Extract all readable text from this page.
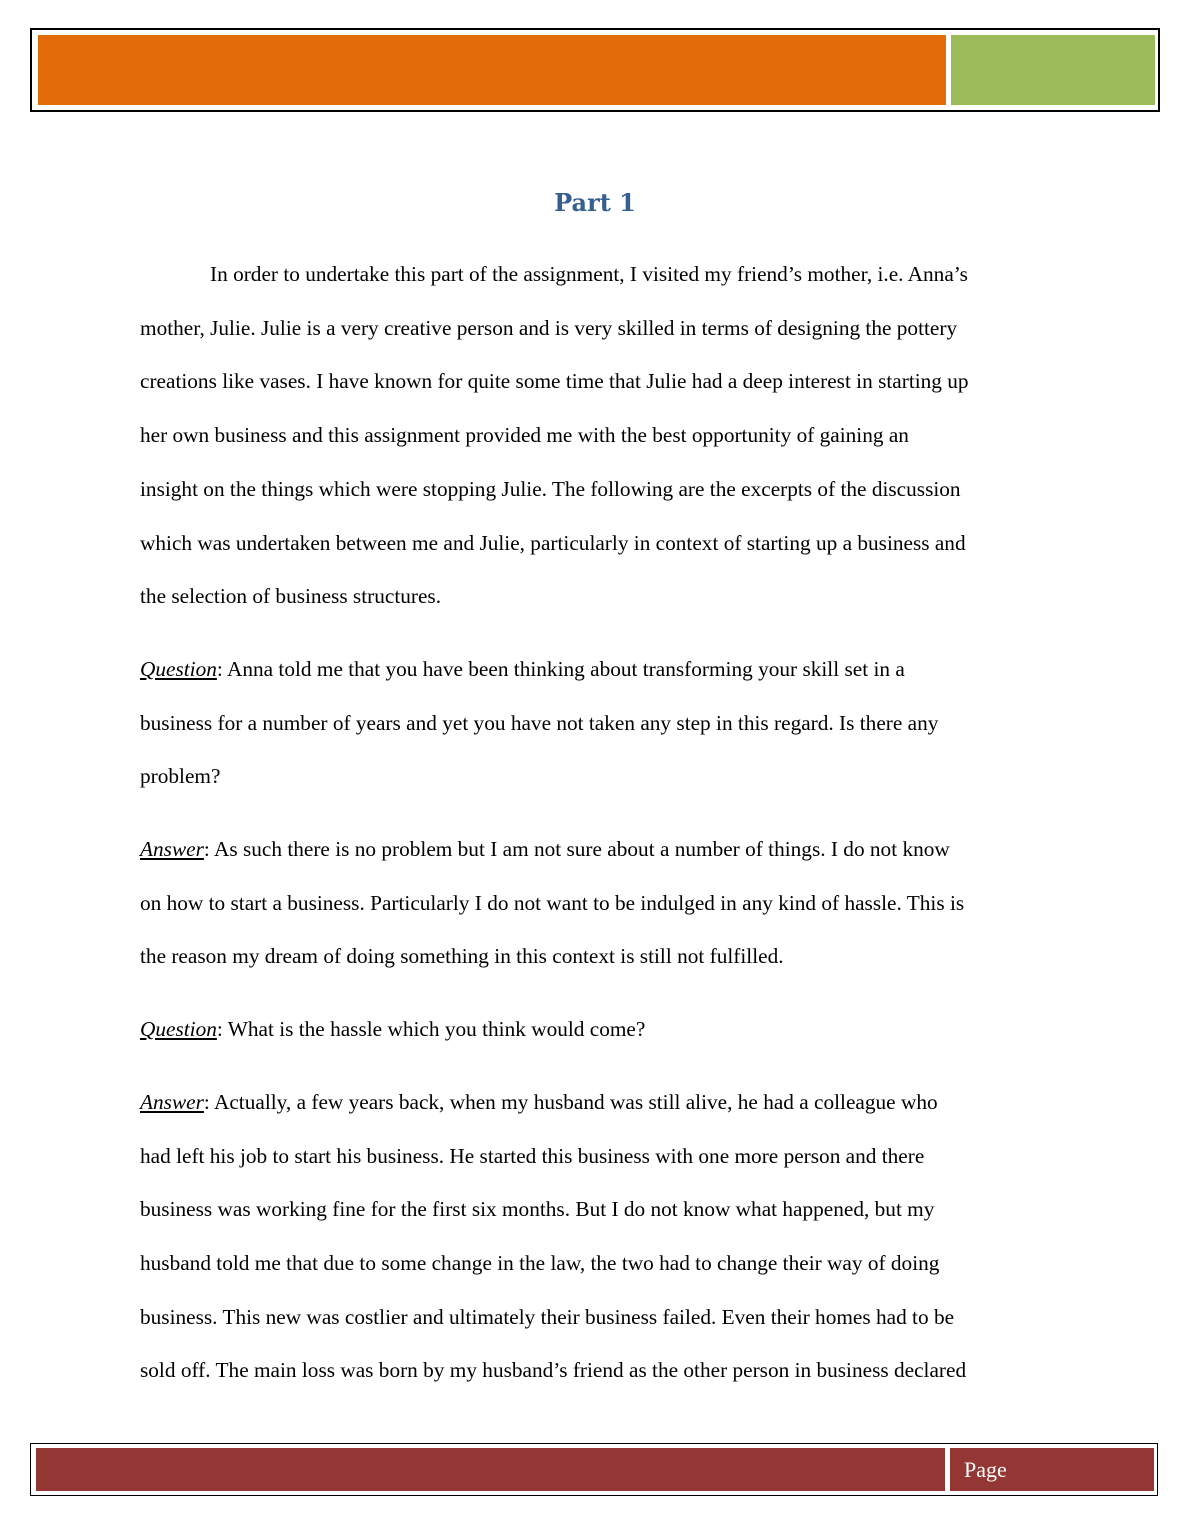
Part 1
In order to undertake this part of the assignment, I visited my friend’s mother, i.e. Anna’s
mother, Julie. Julie is a very creative person and is very skilled in terms of designing the pottery
creations like vases. I have known for quite some time that Julie had a deep interest in starting up
her own business and this assignment provided me with the best opportunity of gaining an
insight on the things which were stopping Julie. The following are the excerpts of the discussion
which was undertaken between me and Julie, particularly in context of starting up a business and
the selection of business structures.
Question: Anna told me that you have been thinking about transforming your skill set in a
business for a number of years and yet you have not taken any step in this regard. Is there any
problem?
Answer: As such there is no problem but I am not sure about a number of things. I do not know
on how to start a business. Particularly I do not want to be indulged in any kind of hassle. This is
the reason my dream of doing something in this context is still not fulfilled.
Question: What is the hassle which you think would come?
Answer: Actually, a few years back, when my husband was still alive, he had a colleague who
had left his job to start his business. He started this business with one more person and there
business was working fine for the first six months. But I do not know what happened, but my
husband told me that due to some change in the law, the two had to change their way of doing
business. This new was costlier and ultimately their business failed. Even their homes had to be
sold off. The main loss was born by my husband’s friend as the other person in business declared
Page
